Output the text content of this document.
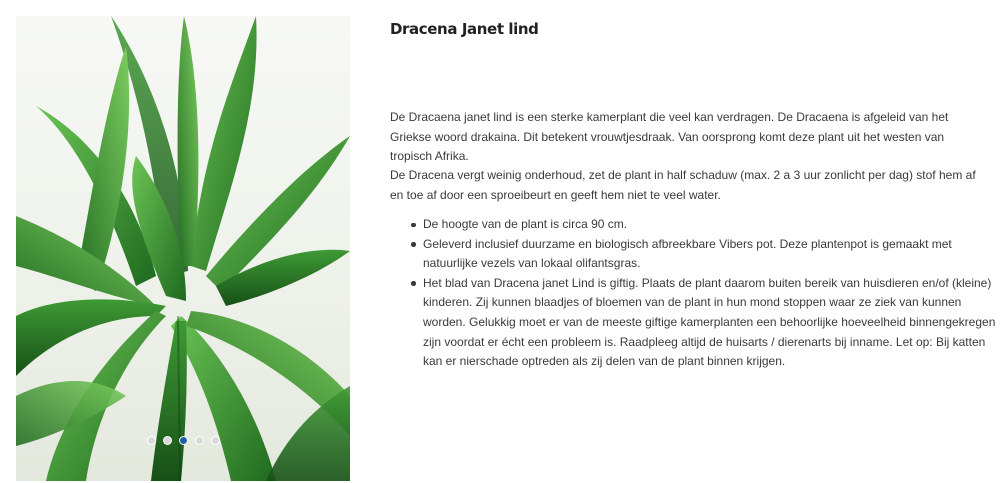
Dracena Janet lind

De Dracaena janet lind is een sterke kamerplant die veel kan verdragen. De Dracaena is afgeleid van het Griekse woord drakaina. Dit betekent vrouwtjesdraak. Van oorsprong komt deze plant uit het westen van tropisch Afrika.

De Dracena vergt weinig onderhoud, zet de plant in half schaduw (max. 2 a 3 uur zonlicht per dag) stof hem af en toe af door een sproeibeurt en geeft hem niet te veel water.

De hoogte van de plant is circa 90 cm.
Geleverd inclusief duurzame en biologisch afbreekbare Vibers pot. Deze plantenpot is gemaakt met natuurlijke vezels van lokaal olifantsgras.
Het blad van Dracena janet Lind is giftig. Plaats de plant daarom buiten bereik van huisdieren en/of (kleine) kinderen. Zij kunnen blaadjes of bloemen van de plant in hun mond stoppen waar ze ziek van kunnen worden. Gelukkig moet er van de meeste giftige kamerplanten een behoorlijke hoeveelheid binnengekregen zijn voordat er écht een probleem is. Raadpleeg altijd de huisarts / dierenarts bij inname. Let op: Bij katten kan er nierschade optreden als zij delen van de plant binnen krijgen.
